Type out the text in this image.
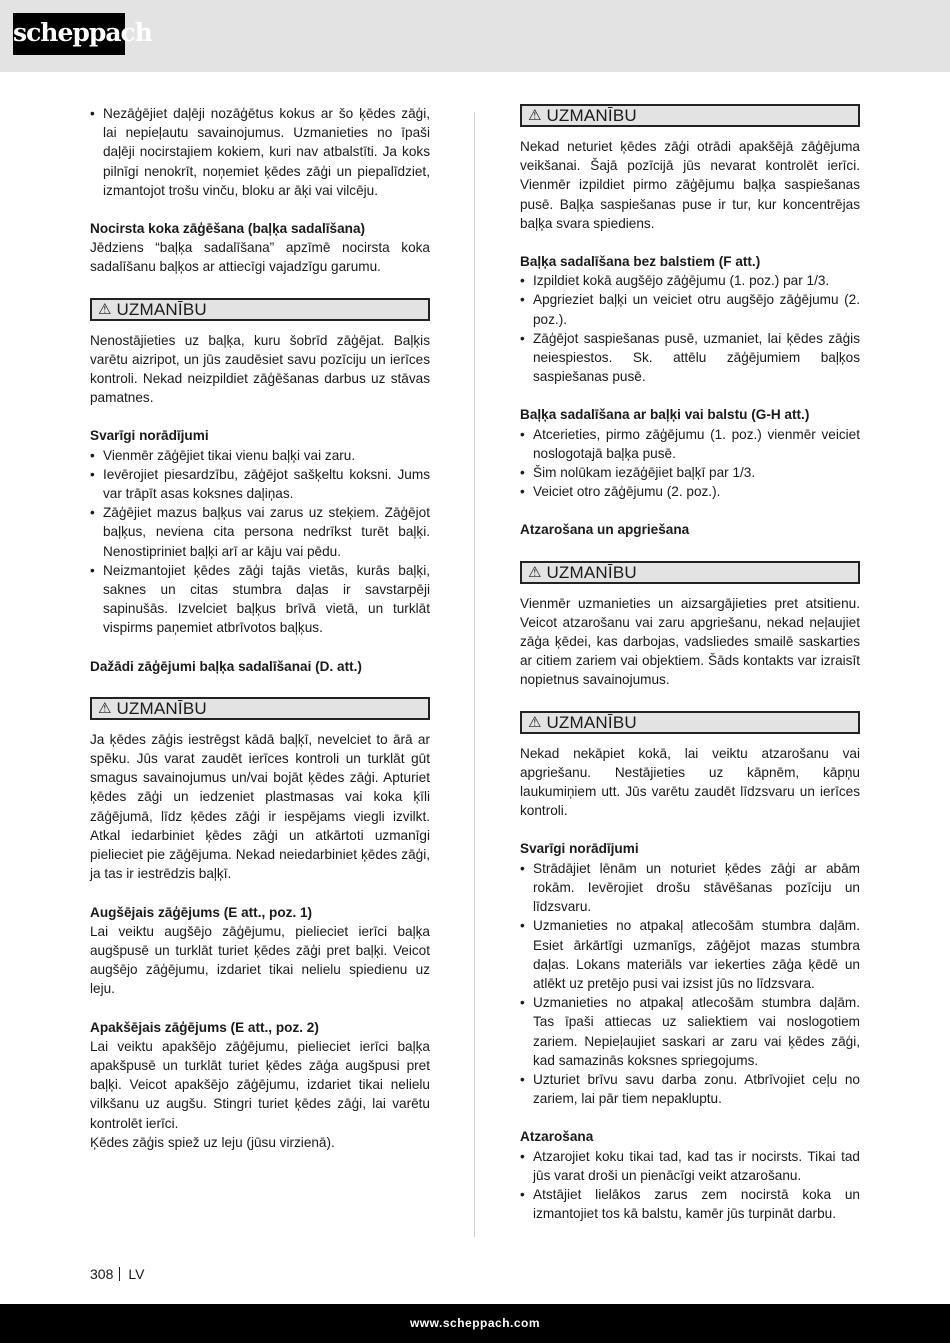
scheppach
• Nezāģējiet daļēji nozāģētus kokus ar šo ķēdes zāģi, lai nepieļautu savainojumus. Uzmanieties no īpaši daļēji nocirstajiem kokiem, kuri nav atbalstīti. Ja koks pilnīgi nenokrīt, noņemiet ķēdes zāģi un piepalīdziet, izmantojot trošu vinču, bloku ar āķi vai vilcēju.
Nocirsta koka zāģēšana (baļķa sadalīšana)

Jēdziens “baļķa sadalīšana” apzīmē nocirsta koka sadalīšanu baļķos ar attiecīgi vajadzīgu garumu.

⚠ UZMANĪBU

Nenostājieties uz baļķa, kuru šobrīd zāģējat. Baļķis varētu aizripot, un jūs zaudēsiet savu pozīciju un ierīces kontroli. Nekad neizpildiet zāģēšanas darbus uz stāvas pamatnes.

Svarīgi norādījumi
• Vienmēr zāģējiet tikai vienu baļķi vai zaru.
• Ievērojiet piesardzību, zāģējot sašķeltu koksni. Jums var trāpīt asas koksnes daļiņas.
• Zāģējiet mazus baļķus vai zarus uz steķiem. Zāģējot baļķus, neviena cita persona nedrīkst turēt baļķi. Nenostipriniet baļķi arī ar kāju vai pēdu.
• Neizmantojiet ķēdes zāģi tajās vietās, kurās baļķi, saknes un citas stumbra daļas ir savstarpēji sapinušās. Izvelciet baļķus brīvā vietā, un turklāt vispirms paņemiet atbrīvotos baļķus.
Dažādi zāģējumi baļķa sadalīšanai (D. att.)
⚠ UZMANĪBU

Ja ķēdes zāģis iestrēgst kādā baļķī, nevelciet to ārā ar spēku. Jūs varat zaudēt ierīces kontroli un turklāt gūt smagus savainojumus un/vai bojāt ķēdes zāģi. Apturiet ķēdes zāģi un iedzeniet plastmasas vai koka ķīli zāģējumā, līdz ķēdes zāģi ir iespējams viegli izvilkt. Atkal iedarbiniet ķēdes zāģi un atkārtoti uzmanīgi pielieciet pie zāģējuma. Nekad neiedarbiniet ķēdes zāģi, ja tas ir iestrēdzis baļķī.

Augšējais zāģējums (E att., poz. 1)

Lai veiktu augšējo zāģējumu, pielieciet ierīci baļķa augšpusē un turklāt turiet ķēdes zāģi pret baļķi. Veicot augšējo zāģējumu, izdariet tikai nelielu spiedienu uz leju.

Apakšējais zāģējums (E att., poz. 2)

Lai veiktu apakšējo zāģējumu, pielieciet ierīci baļķa apakšpusē un turklāt turiet ķēdes zāģa augšpusi pret baļķi. Veicot apakšējo zāģējumu, izdariet tikai nelielu vilkšanu uz augšu. Stingri turiet ķēdes zāģi, lai varētu kontrolēt ierīci.

Ķēdes zāģis spiež uz leju (jūsu virzienā).

⚠ UZMANĪBU

Nekad neturiet ķēdes zāģi otrādi apakšējā zāģējuma veikšanai. Šajā pozīcijā jūs nevarat kontrolēt ierīci. Vienmēr izpildiet pirmo zāģējumu baļķa saspiešanas pusē. Baļķa saspiešanas puse ir tur, kur koncentrējas baļķa svara spiediens.

Baļķa sadalīšana bez balstiem (F att.)
• Izpildiet kokā augšējo zāģējumu (1. poz.) par 1/3.
• Apgrieziet baļķi un veiciet otru augšējo zāģējumu (2. poz.).
• Zāģējot saspiešanas pusē, uzmaniet, lai ķēdes zāģis neiespiestos. Sk. attēlu zāģējumiem baļķos saspiešanas pusē.
Baļķa sadalīšana ar baļķi vai balstu (G-H att.)
• Atcerieties, pirmo zāģējumu (1. poz.) vienmēr veiciet noslogotajā baļķa pusē.
• Šim nolūkam iezāģējiet baļķī par 1/3.
• Veiciet otro zāģējumu (2. poz.).
Atzarošana un apgriešana
⚠ UZMANĪBU

Vienmēr uzmanieties un aizsargājieties pret atsitienu. Veicot atzarošanu vai zaru apgriešanu, nekad neļaujiet zāģa ķēdei, kas darbojas, vadsliedes smailē saskarties ar citiem zariem vai objektiem. Šāds kontakts var izraisīt nopietnus savainojumus.

⚠ UZMANĪBU

Nekad nekāpiet kokā, lai veiktu atzarošanu vai apgriešanu. Nestājieties uz kāpnēm, kāpņu laukumiņiem utt. Jūs varētu zaudēt līdzsvaru un ierīces kontroli.

Svarīgi norādījumi
• Strādājiet lēnām un noturiet ķēdes zāģi ar abām rokām. Ievērojiet drošu stāvēšanas pozīciju un līdzsvaru.
• Uzmanieties no atpakaļ atlecošām stumbra daļām. Esiet ārkārtīgi uzmanīgs, zāģējot mazas stumbra daļas. Lokans materiāls var iekerties zāģa ķēdē un atlēkt uz pretējo pusi vai izsist jūs no līdzsvara.
• Uzmanieties no atpakaļ atlecošām stumbra daļām. Tas īpaši attiecas uz saliektiem vai noslogotiem zariem. Nepieļaujiet saskari ar zaru vai ķēdes zāģi, kad samazinās koksnes spriegojums.
• Uzturiet brīvu savu darba zonu. Atbrīvojiet ceļu no zariem, lai pār tiem nepakluptu.
Atzarošana
• Atzarojiet koku tikai tad, kad tas ir nocirsts. Tikai tad jūs varat droši un pienācīgi veikt atzarošanu.
• Atstājiet lielākos zarus zem nocirstā koka un izmantojiet tos kā balstu, kamēr jūs turpināt darbu.
308 LV
www.scheppach.com
